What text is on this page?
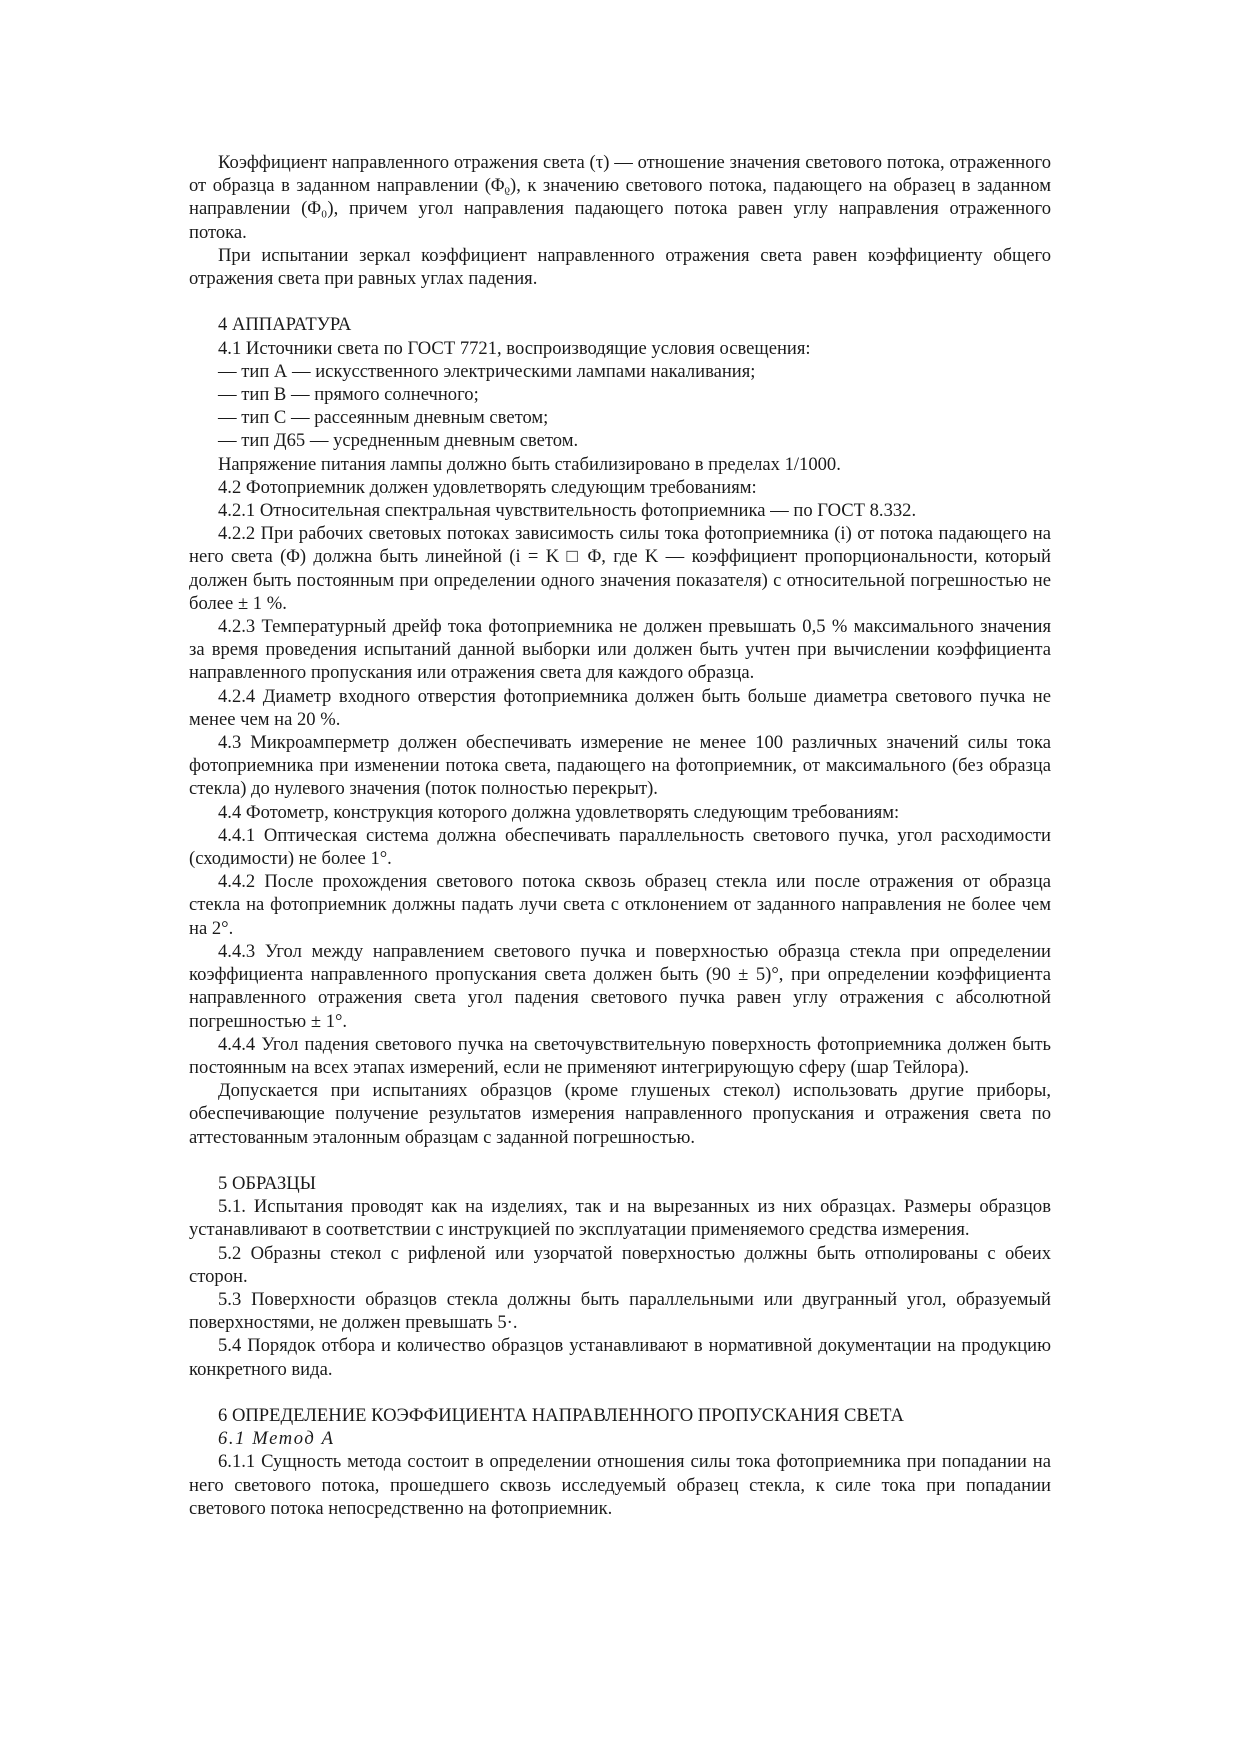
Коэффициент направленного отражения света (τ) — отношение значения светового потока, отраженного от образца в заданном направлении (Φᵨ), к значению светового потока, падающего на образец в заданном направлении (Φ₀), причем угол направления падающего потока равен углу направления отраженного потока.

При испытании зеркал коэффициент направленного отражения света равен коэффициенту общего отражения света при равных углах падения.

4 АППАРАТУРА

4.1 Источники света по ГОСТ 7721, воспроизводящие условия освещения:

— тип А — искусственного электрическими лампами накаливания;

— тип В — прямого солнечного;

— тип С — рассеянным дневным светом;

— тип Д65 — усредненным дневным светом.

Напряжение питания лампы должно быть стабилизировано в пределах 1/1000.

4.2 Фотоприемник должен удовлетворять следующим требованиям:

4.2.1 Относительная спектральная чувствительность фотоприемника — по ГОСТ 8.332.

4.2.2 При рабочих световых потоках зависимость силы тока фотоприемника (i) от потока падающего на него света (Φ) должна быть линейной (i = K □ Φ, где K — коэффициент пропорциональности, который должен быть постоянным при определении одного значения показателя) с относительной погрешностью не более ± 1 %.

4.2.3 Температурный дрейф тока фотоприемника не должен превышать 0,5 % максимального значения за время проведения испытаний данной выборки или должен быть учтен при вычислении коэффициента направленного пропускания или отражения света для каждого образца.

4.2.4 Диаметр входного отверстия фотоприемника должен быть больше диаметра светового пучка не менее чем на 20 %.

4.3 Микроамперметр должен обеспечивать измерение не менее 100 различных значений силы тока фотоприемника при изменении потока света, падающего на фотоприемник, от максимального (без образца стекла) до нулевого значения (поток полностью перекрыт).

4.4 Фотометр, конструкция которого должна удовлетворять следующим требованиям:

4.4.1 Оптическая система должна обеспечивать параллельность светового пучка, угол расходимости (сходимости) не более 1°.

4.4.2 После прохождения светового потока сквозь образец стекла или после отражения от образца стекла на фотоприемник должны падать лучи света с отклонением от заданного направления не более чем на 2°.

4.4.3 Угол между направлением светового пучка и поверхностью образца стекла при определении коэффициента направленного пропускания света должен быть (90 ± 5)°, при определении коэффициента направленного отражения света угол падения светового пучка равен углу отражения с абсолютной погрешностью ± 1°.

4.4.4 Угол падения светового пучка на светочувствительную поверхность фотоприемника должен быть постоянным на всех этапах измерений, если не применяют интегрирующую сферу (шар Тейлора).

Допускается при испытаниях образцов (кроме глушеных стекол) использовать другие приборы, обеспечивающие получение результатов измерения направленного пропускания и отражения света по аттестованным эталонным образцам с заданной погрешностью.

5 ОБРАЗЦЫ

5.1. Испытания проводят как на изделиях, так и на вырезанных из них образцах. Размеры образцов устанавливают в соответствии с инструкцией по эксплуатации применяемого средства измерения.

5.2 Образны стекол с рифленой или узорчатой поверхностью должны быть отполированы с обеих сторон.

5.3 Поверхности образцов стекла должны быть параллельными или двугранный угол, образуемый поверхностями, не должен превышать 5·.

5.4 Порядок отбора и количество образцов устанавливают в нормативной документации на продукцию конкретного вида.

6 ОПРЕДЕЛЕНИЕ КОЭФФИЦИЕНТА НАПРАВЛЕННОГО ПРОПУСКАНИЯ СВЕТА

6.1 Метод А

6.1.1 Сущность метода состоит в определении отношения силы тока фотоприемника при попадании на него светового потока, прошедшего сквозь исследуемый образец стекла, к силе тока при попадании светового потока непосредственно на фотоприемник.
